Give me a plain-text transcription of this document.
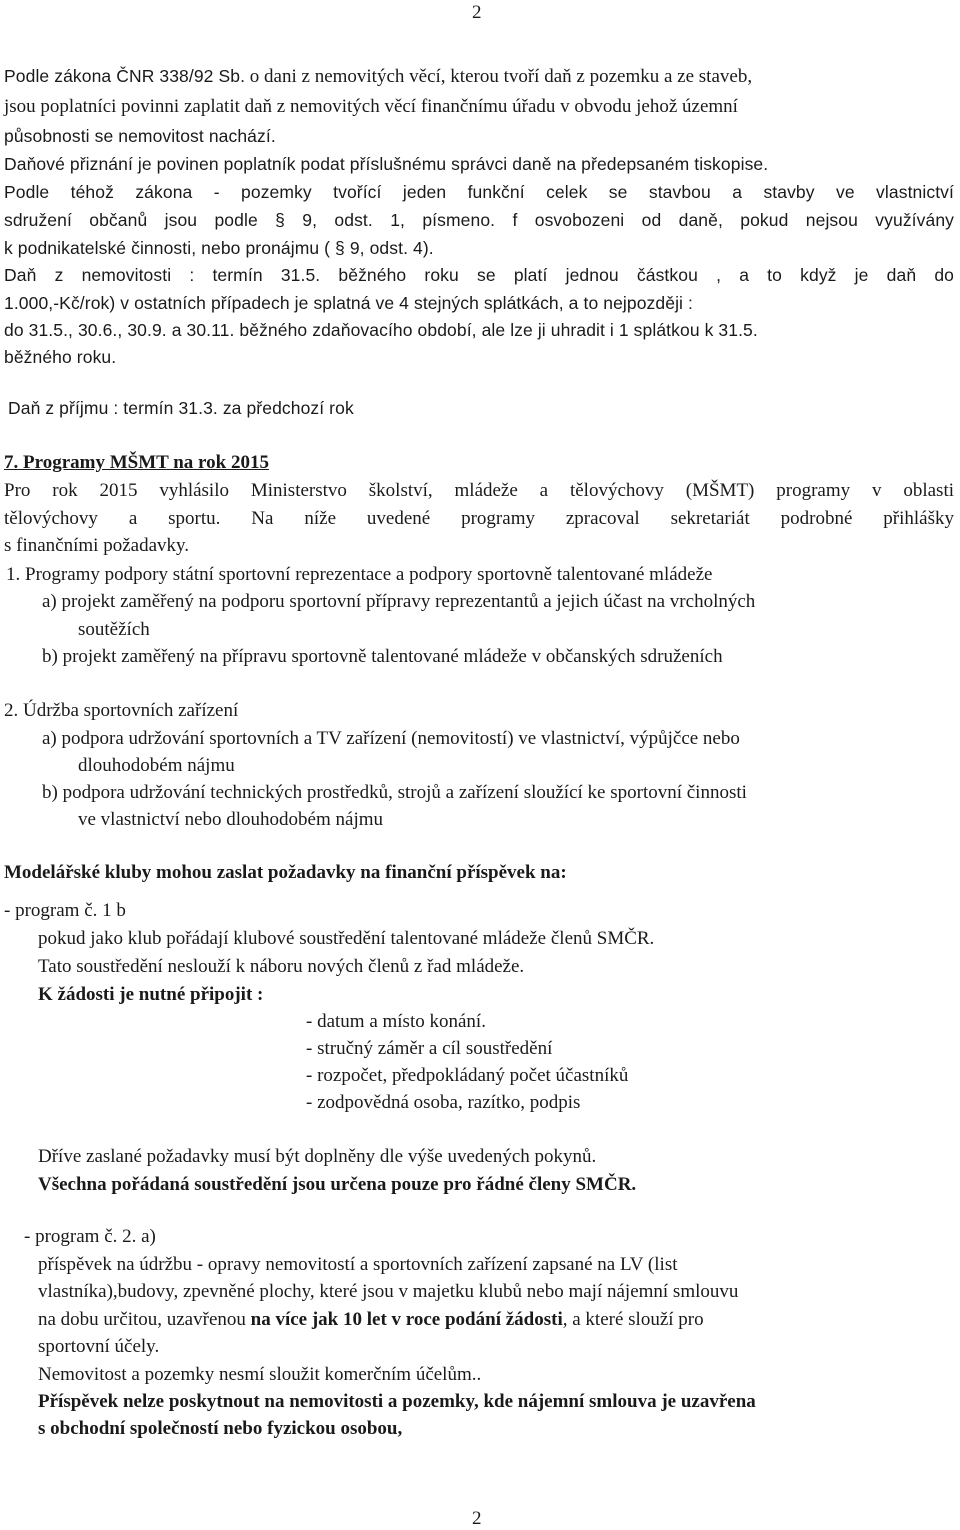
2
Podle zákona ČNR 338/92 Sb. o dani z nemovitých věcí, kterou tvoří daň z pozemku a ze staveb,
jsou poplatníci povinni zaplatit daň z nemovitých věcí finančnímu úřadu v obvodu jehož územní
působnosti se nemovitost nachází.
Daňové přiznání je povinen poplatník podat příslušnému správci daně na předepsaném tiskopise.
Podle téhož zákona - pozemky tvořící jeden funkční celek se stavbou a stavby ve vlastnictví
sdružení občanů jsou podle § 9, odst. 1, písmeno. f osvobozeni od daně, pokud nejsou využívány
k podnikatelské činnosti, nebo pronájmu ( § 9, odst. 4).
Daň z nemovitosti : termín 31.5. běžného roku se platí jednou částkou , a to když je daň do
1.000,-Kč/rok) v ostatních případech je splatná ve 4 stejných splátkách, a to nejpozději :
do 31.5., 30.6., 30.9. a 30.11. běžného zdaňovacího období, ale lze ji uhradit i 1 splátkou k 31.5.
běžného roku.
Daň z příjmu : termín 31.3. za předchozí rok
7. Programy MŠMT na rok 2015
Pro rok 2015 vyhlásilo Ministerstvo školství, mládeže a tělovýchovy (MŠMT) programy v oblasti
tělovýchovy a sportu. Na níže uvedené programy zpracoval sekretariát podrobné přihlášky
s finančními požadavky.
1. Programy podpory státní sportovní reprezentace a podpory sportovně talentované mládeže
a) projekt zaměřený na podporu sportovní přípravy reprezentantů a jejich účast na vrcholných
soutěžích
b) projekt zaměřený na přípravu sportovně talentované mládeže v občanských sdruženích
2. Údržba sportovních zařízení
a) podpora udržování sportovních a TV zařízení (nemovitostí) ve vlastnictví, výpůjčce nebo
dlouhodobém nájmu
b) podpora udržování technických prostředků, strojů a zařízení sloužící ke sportovní činnosti
ve vlastnictví nebo dlouhodobém nájmu
Modelářské kluby mohou zaslat požadavky na finanční příspěvek na:
- program č. 1 b
pokud jako klub pořádají klubové soustředění talentované mládeže členů SMČR.
Tato soustředění neslouží k náboru nových členů z řad mládeže.
K žádosti je nutné připojit :
- datum a místo konání.
- stručný záměr a cíl soustředění
- rozpočet, předpokládaný počet účastníků
- zodpovědná osoba, razítko, podpis
Dříve zaslané požadavky musí být doplněny dle výše uvedených pokynů.
Všechna pořádaná soustředění jsou určena pouze pro řádné členy SMČR.
- program č. 2. a)
příspěvek na údržbu - opravy nemovitostí a sportovních zařízení zapsané na LV (list
vlastníka),budovy, zpevněné plochy, které jsou v majetku klubů nebo mají nájemní smlouvu
na dobu určitou, uzavřenou na více jak 10 let v roce podání žádosti, a které slouží pro
sportovní účely.
Nemovitost a pozemky nesmí sloužit komerčním účelům..
Příspěvek nelze poskytnout na nemovitosti a pozemky, kde nájemní smlouva je uzavřena
s obchodní společností nebo fyzickou osobou,
2
